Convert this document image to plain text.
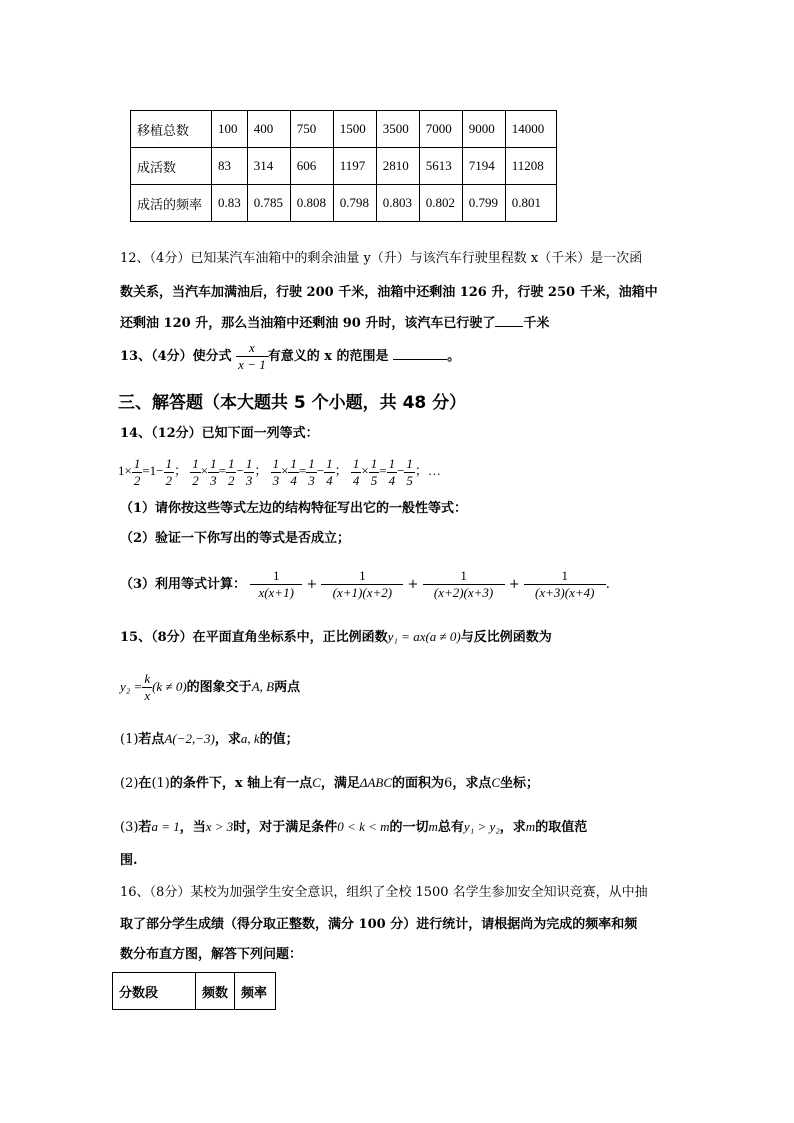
移植总数	100	400	750	1500	3500	7000	9000	14000
成活数	83	314	606	1197	2810	5613	7194	11208
成活的频率	0.83	0.785	0.808	0.798	0.803	0.802	0.799	0.801
12、（4分）已知某汽车油箱中的剩余油量 y（升）与该汽车行驶里程数 x（千米）是一次函
数关系，当汽车加满油后，行驶 200 千米，油箱中还剩油 126 升，行驶 250 千米，油箱中
还剩油 120 升，那么当油箱中还剩油 90 升时，该汽车已行驶了 千米
13、（4分）使分式 $\frac{x}{x - 1}$ 有意义的 x 的范围是	。
三、解答题（本大题共 5 个小题，共 48 分）
14、（12分）已知下面一列等式：
$1\times \frac{1}{2} =1- \frac{1}{2}$ ； $\frac{1}{2} \times \frac{1}{3} = \frac{1}{2} - \frac{1}{3}$ ； $\frac{1}{3} \times \frac{1}{4} = \frac{1}{3} - \frac{1}{4}$ ； $\frac{1}{4} \times \frac{1}{5} = \frac{1}{4} - \frac{1}{5}$ ；…
（1）请你按这些等式左边的结构特征写出它的一般性等式：
（2）验证一下你写出的等式是否成立；
（3）利用等式计算： $\frac{1}{x(x+1)} + \frac{1}{(x+1)(x+2)} + \frac{1}{(x+2)(x+3)} + \frac{1}{(x+3)(x+4)}$ .
15、（8分）在平面直角坐标系中，正比例函数y₁ = ax(a ≠ 0)与反比例函数为
$y_2 = \frac{k}{x} (k \ne 0)$的图象交于A, B两点
(1)若点A(−2,−3)，求a, k的值；
(2)在(1)的条件下，x 轴上有一点C，满足ΔABC的面积为6，求点C坐标；
(3)若a = 1，当x > 3时，对于满足条件0 < k < m的一切m总有y₁ > y₂，求m的取值范
围.
16、（8分）某校为加强学生安全意识，组织了全校 1500 名学生参加安全知识竞赛，从中抽
取了部分学生成绩（得分取正整数，满分 100 分）进行统计，请根据尚为完成的频率和频
数分布直方图，解答下列问题：
分数段	频数	频率
